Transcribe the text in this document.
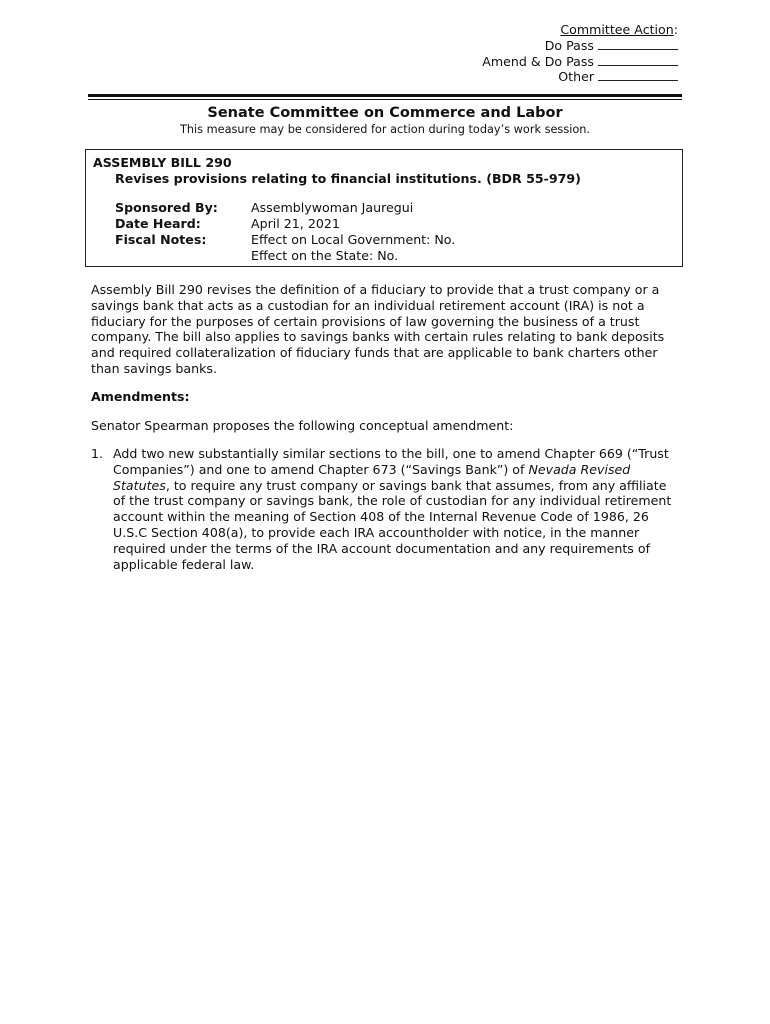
Committee Action:
Do Pass
Amend & Do Pass
Other
Senate Committee on Commerce and Labor
This measure may be considered for action during today’s work session.
ASSEMBLY BILL 290
Revises provisions relating to financial institutions. (BDR 55-979)
Sponsored By:
Date Heard:
Fiscal Notes:
Assemblywoman Jauregui
April 21, 2021
Effect on Local Government: No.
Effect on the State: No.
Assembly Bill 290 revises the definition of a fiduciary to provide that a trust company or a savings bank that acts as a custodian for an individual retirement account (IRA) is not a fiduciary for the purposes of certain provisions of law governing the business of a trust company. The bill also applies to savings banks with certain rules relating to bank deposits and required collateralization of fiduciary funds that are applicable to bank charters other than savings banks.
Amendments:
Senator Spearman proposes the following conceptual amendment:
1. Add two new substantially similar sections to the bill, one to amend Chapter 669 (“Trust Companies”) and one to amend Chapter 673 (“Savings Bank”) of Nevada Revised Statutes, to require any trust company or savings bank that assumes, from any affiliate of the trust company or savings bank, the role of custodian for any individual retirement account within the meaning of Section 408 of the Internal Revenue Code of 1986, 26 U.S.C Section 408(a), to provide each IRA accountholder with notice, in the manner required under the terms of the IRA account documentation and any requirements of applicable federal law.
